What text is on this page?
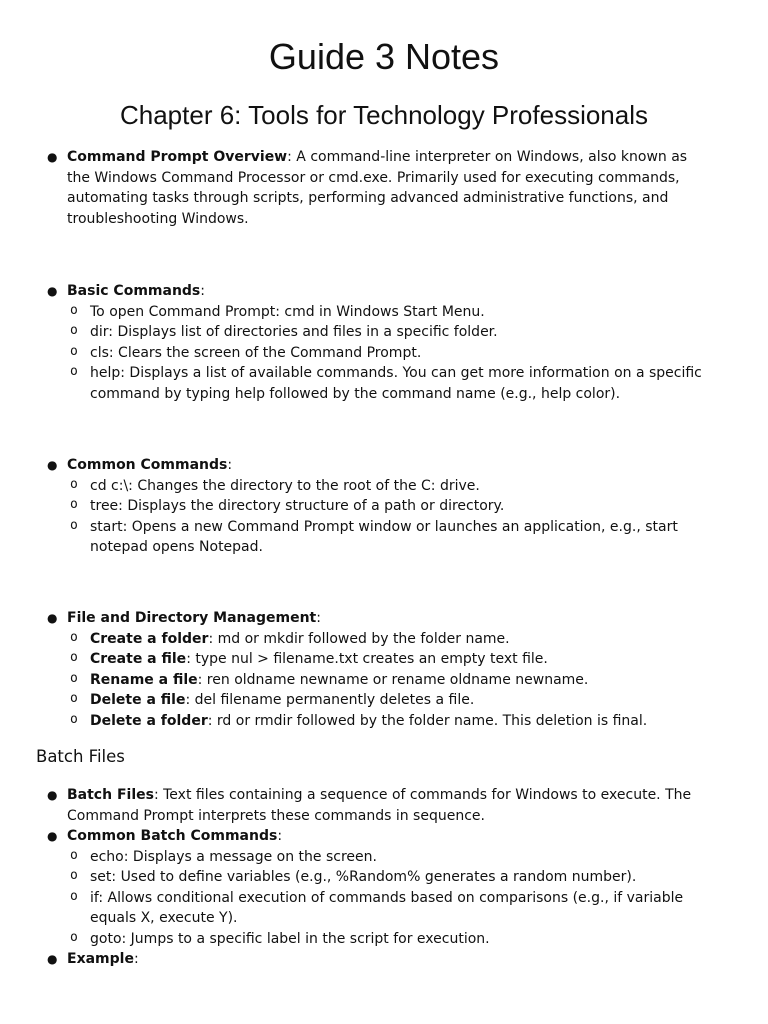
Guide 3 Notes
Chapter 6: Tools for Technology Professionals
● Command Prompt Overview: A command-line interpreter on Windows, also known as the Windows Command Processor or cmd.exe. Primarily used for executing commands, automating tasks through scripts, performing advanced administrative functions, and troubleshooting Windows.
● Basic Commands:
o To open Command Prompt: cmd in Windows Start Menu.
o dir: Displays list of directories and files in a specific folder.
o cls: Clears the screen of the Command Prompt.
o help: Displays a list of available commands. You can get more information on a specific command by typing help followed by the command name (e.g., help color).
● Common Commands:
o cd c:\: Changes the directory to the root of the C: drive.
o tree: Displays the directory structure of a path or directory.
o start: Opens a new Command Prompt window or launches an application, e.g., start notepad opens Notepad.
● File and Directory Management:
o Create a folder: md or mkdir followed by the folder name.
o Create a file: type nul > filename.txt creates an empty text file.
o Rename a file: ren oldname newname or rename oldname newname.
o Delete a file: del filename permanently deletes a file.
o Delete a folder: rd or rmdir followed by the folder name. This deletion is final.
Batch Files
● Batch Files: Text files containing a sequence of commands for Windows to execute. The Command Prompt interprets these commands in sequence.
● Common Batch Commands:
o echo: Displays a message on the screen.
o set: Used to define variables (e.g., %Random% generates a random number).
o if: Allows conditional execution of commands based on comparisons (e.g., if variable equals X, execute Y).
o goto: Jumps to a specific label in the script for execution.
● Example:
